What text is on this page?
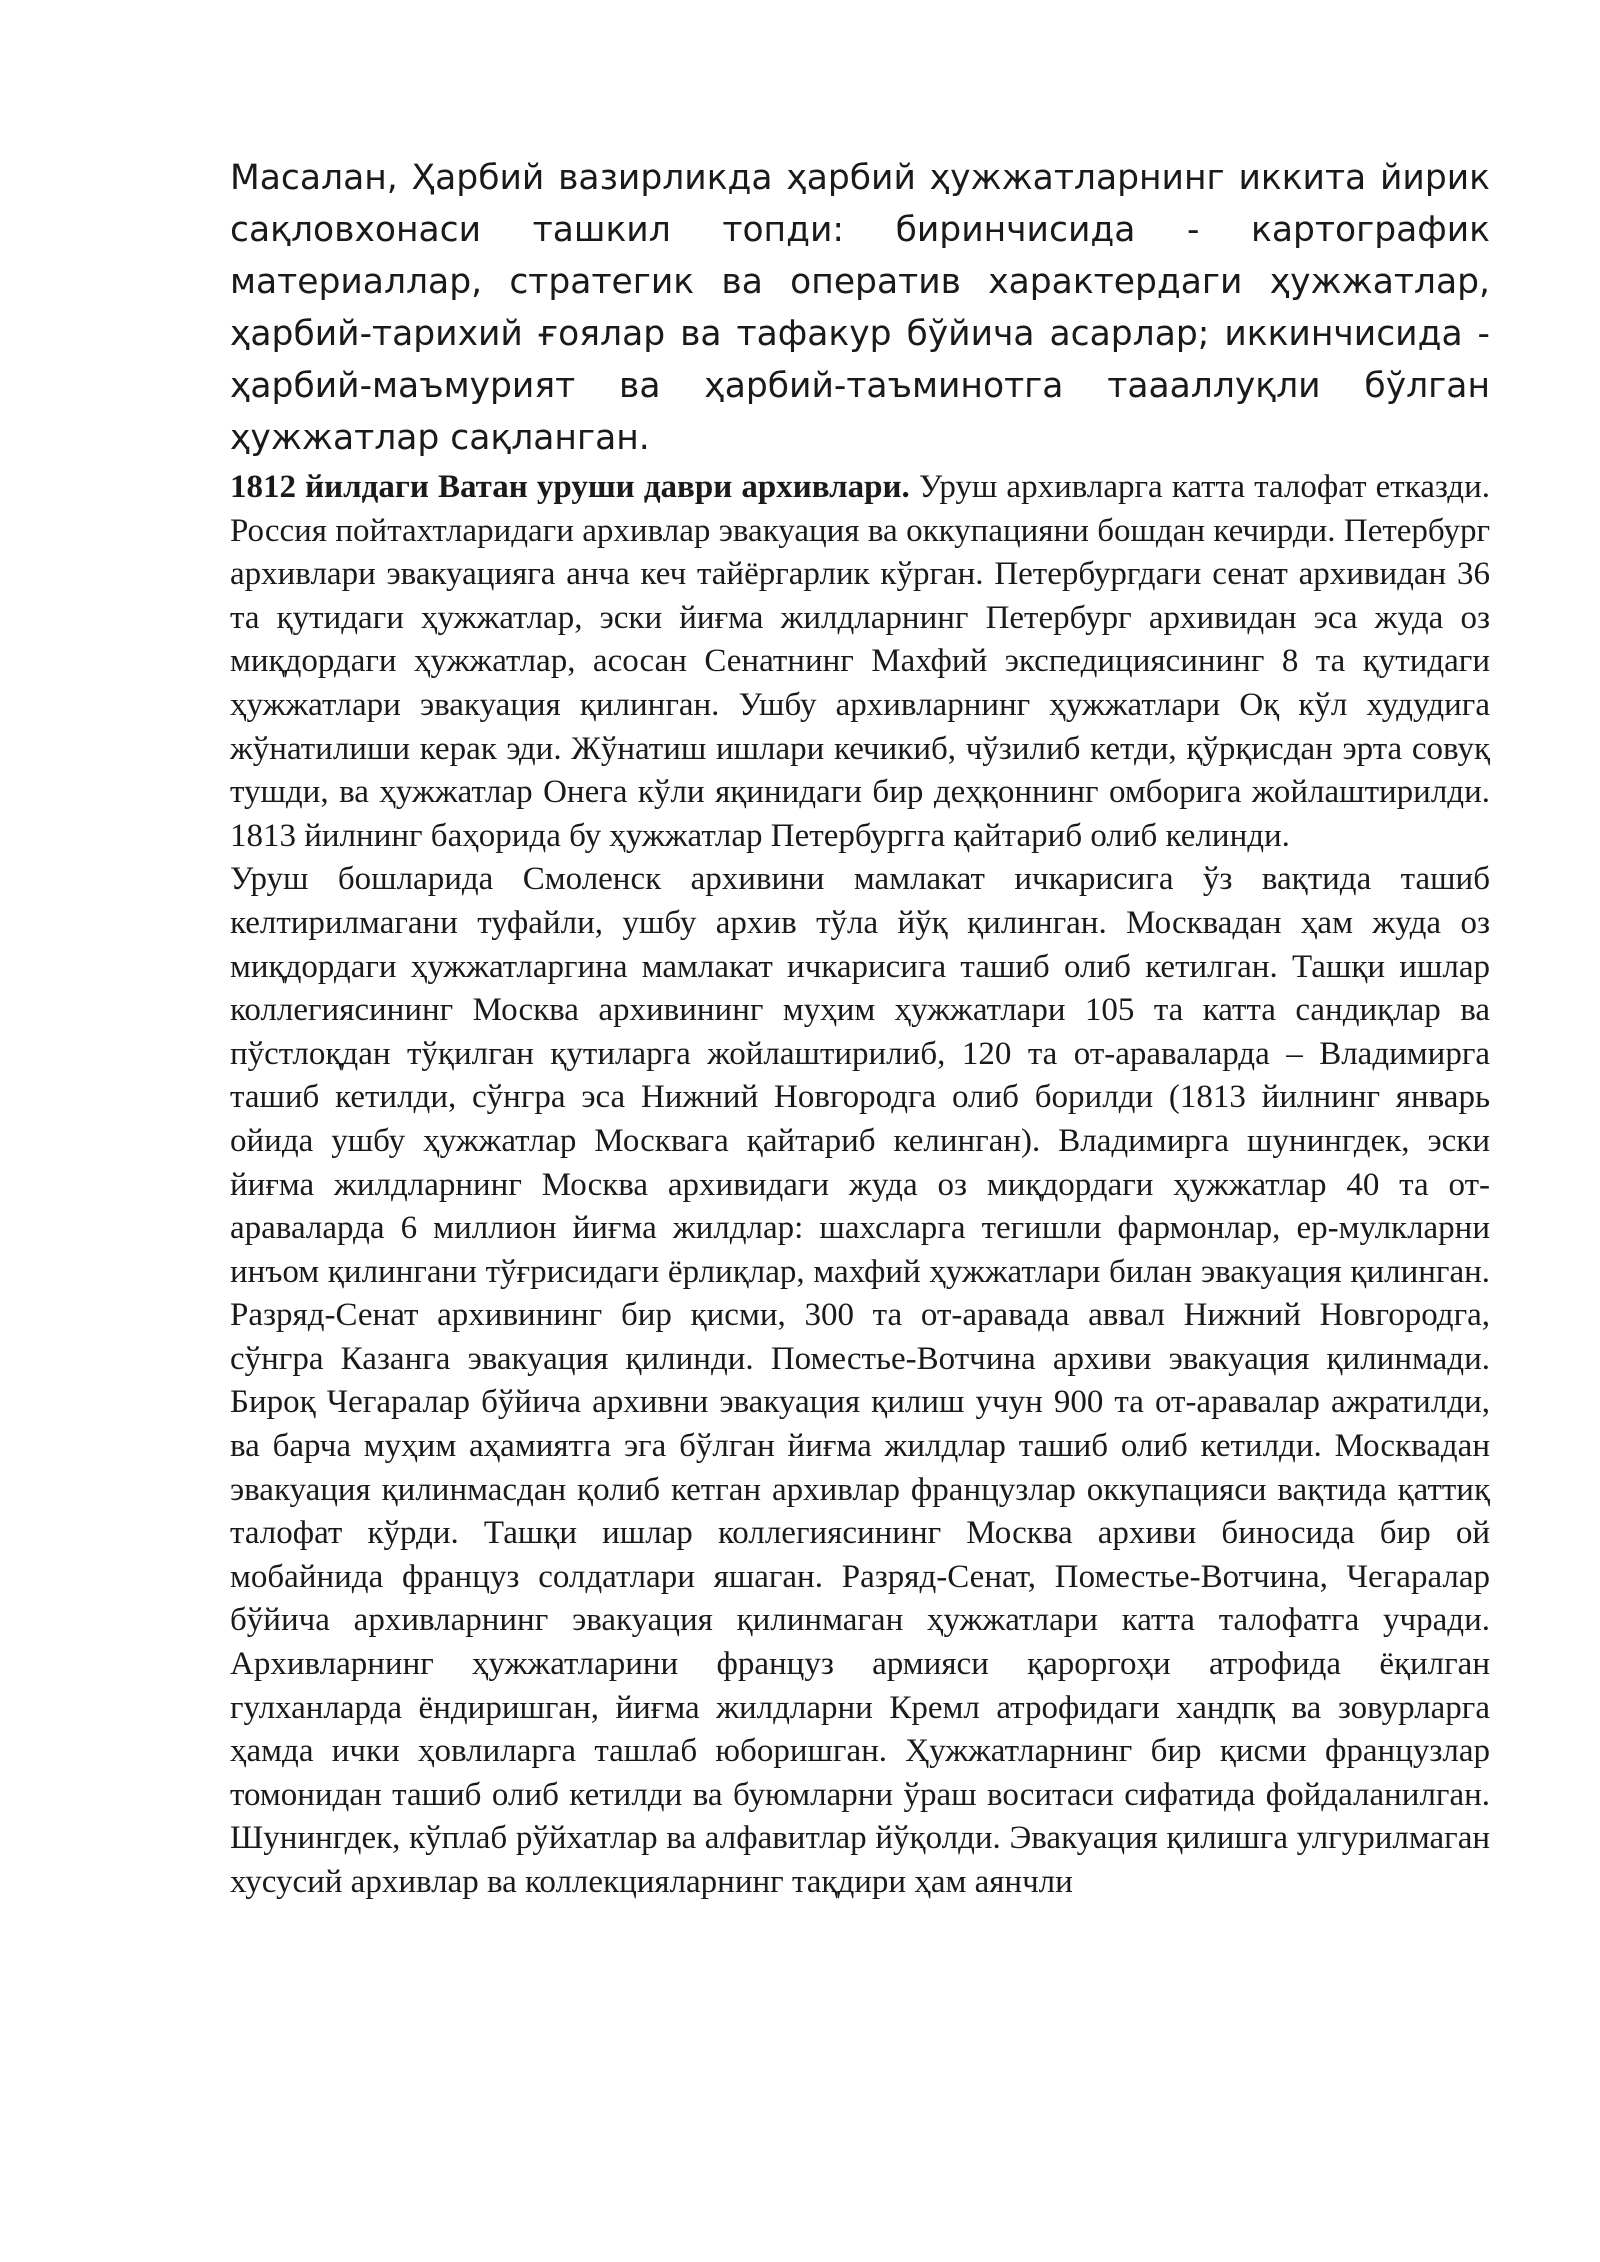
Масалан, Ҳарбий вазирликда ҳарбий ҳужжатларнинг иккита йирик сақловхонаси ташкил топди: биринчисида - картографик материаллар, стратегик ва оператив характердаги ҳужжатлар, ҳарбий-тарихий ғоялар ва тафакур бўйича асарлар; иккинчисида - ҳарбий-маъмурият ва ҳарбий-таъминотга таааллуқли бўлган ҳужжатлар сақланган.

1812 йилдаги Ватан уруши даври архивлари. Уруш архивларга катта талофат етказди. Россия пойтахтларидаги архивлар эвакуация ва оккупацияни бошдан кечирди. Петербург архивлари эвакуацияга анча кеч тайёргарлик кўрган. Петербургдаги сенат архивидан 36 та қутидаги ҳужжатлар, эски йиғма жилдларнинг Петербург архивидан эса жуда оз миқдордаги ҳужжатлар, асосан Сенатнинг Махфий экспедициясининг 8 та қутидаги ҳужжатлари эвакуация қилинган. Ушбу архивларнинг ҳужжатлари Оқ кўл худудига жўнатилиши керак эди. Жўнатиш ишлари кечикиб, чўзилиб кетди, қўрқисдан эрта совуқ тушди, ва ҳужжатлар Онега кўли яқинидаги бир деҳқоннинг омборига жойлаштирилди. 1813 йилнинг баҳорида бу ҳужжатлар Петербургга қайтариб олиб келинди.

Уруш бошларида Смоленск архивини мамлакат ичкарисига ўз вақтида ташиб келтирилмагани туфайли, ушбу архив тўла йўқ қилинган. Москвадан ҳам жуда оз миқдордаги ҳужжатларгина мамлакат ичкарисига ташиб олиб кетилган. Ташқи ишлар коллегиясининг Москва архивининг муҳим ҳужжатлари 105 та катта сандиқлар ва пўстлоқдан тўқилган қутиларга жойлаштирилиб, 120 та от-араваларда – Владимирга ташиб кетилди, сўнгра эса Нижний Новгородга олиб борилди (1813 йилнинг январь ойида ушбу ҳужжатлар Москвага қайтариб келинган). Владимирга шунингдек, эски йиғма жилдларнинг Москва архивидаги жуда оз миқдордаги ҳужжатлар 40 та от-араваларда 6 миллион йиғма жилдлар: шахсларга тегишли фармонлар, ер-мулкларни инъом қилингани тўғрисидаги ёрлиқлар, махфий ҳужжатлари билан эвакуация қилинган. Разряд-Сенат архивининг бир қисми, 300 та от-аравада аввал Нижний Новгородга, сўнгра Казанга эвакуация қилинди. Поместье-Вотчина архиви эвакуация қилинмади. Бироқ Чегаралар бўйича архивни эвакуация қилиш учун 900 та от-аравалар ажратилди, ва барча муҳим аҳамиятга эга бўлган йиғма жилдлар ташиб олиб кетилди. Москвадан эвакуация қилинмасдан қолиб кетган архивлар французлар оккупацияси вақтида қаттиқ талофат кўрди. Ташқи ишлар коллегиясининг Москва архиви биносида бир ой мобайнида француз солдатлари яшаган. Разряд-Сенат, Поместье-Вотчина, Чегаралар бўйича архивларнинг эвакуация қилинмаган ҳужжатлари катта талофатга учради. Архивларнинг ҳужжатларини француз армияси қароргоҳи атрофида ёқилган гулханларда ёндиришган, йиғма жилдларни Кремл атрофидаги хандпқ ва зовурларга ҳамда ички ҳовлиларга ташлаб юборишган. Ҳужжатларнинг бир қисми французлар томонидан ташиб олиб кетилди ва буюмларни ўраш воситаси сифатида фойдаланилган. Шунингдек, кўплаб рўйхатлар ва алфавитлар йўқолди. Эвакуация қилишга улгурилмаган хусусий архивлар ва коллекцияларнинг тақдири ҳам аянчли
